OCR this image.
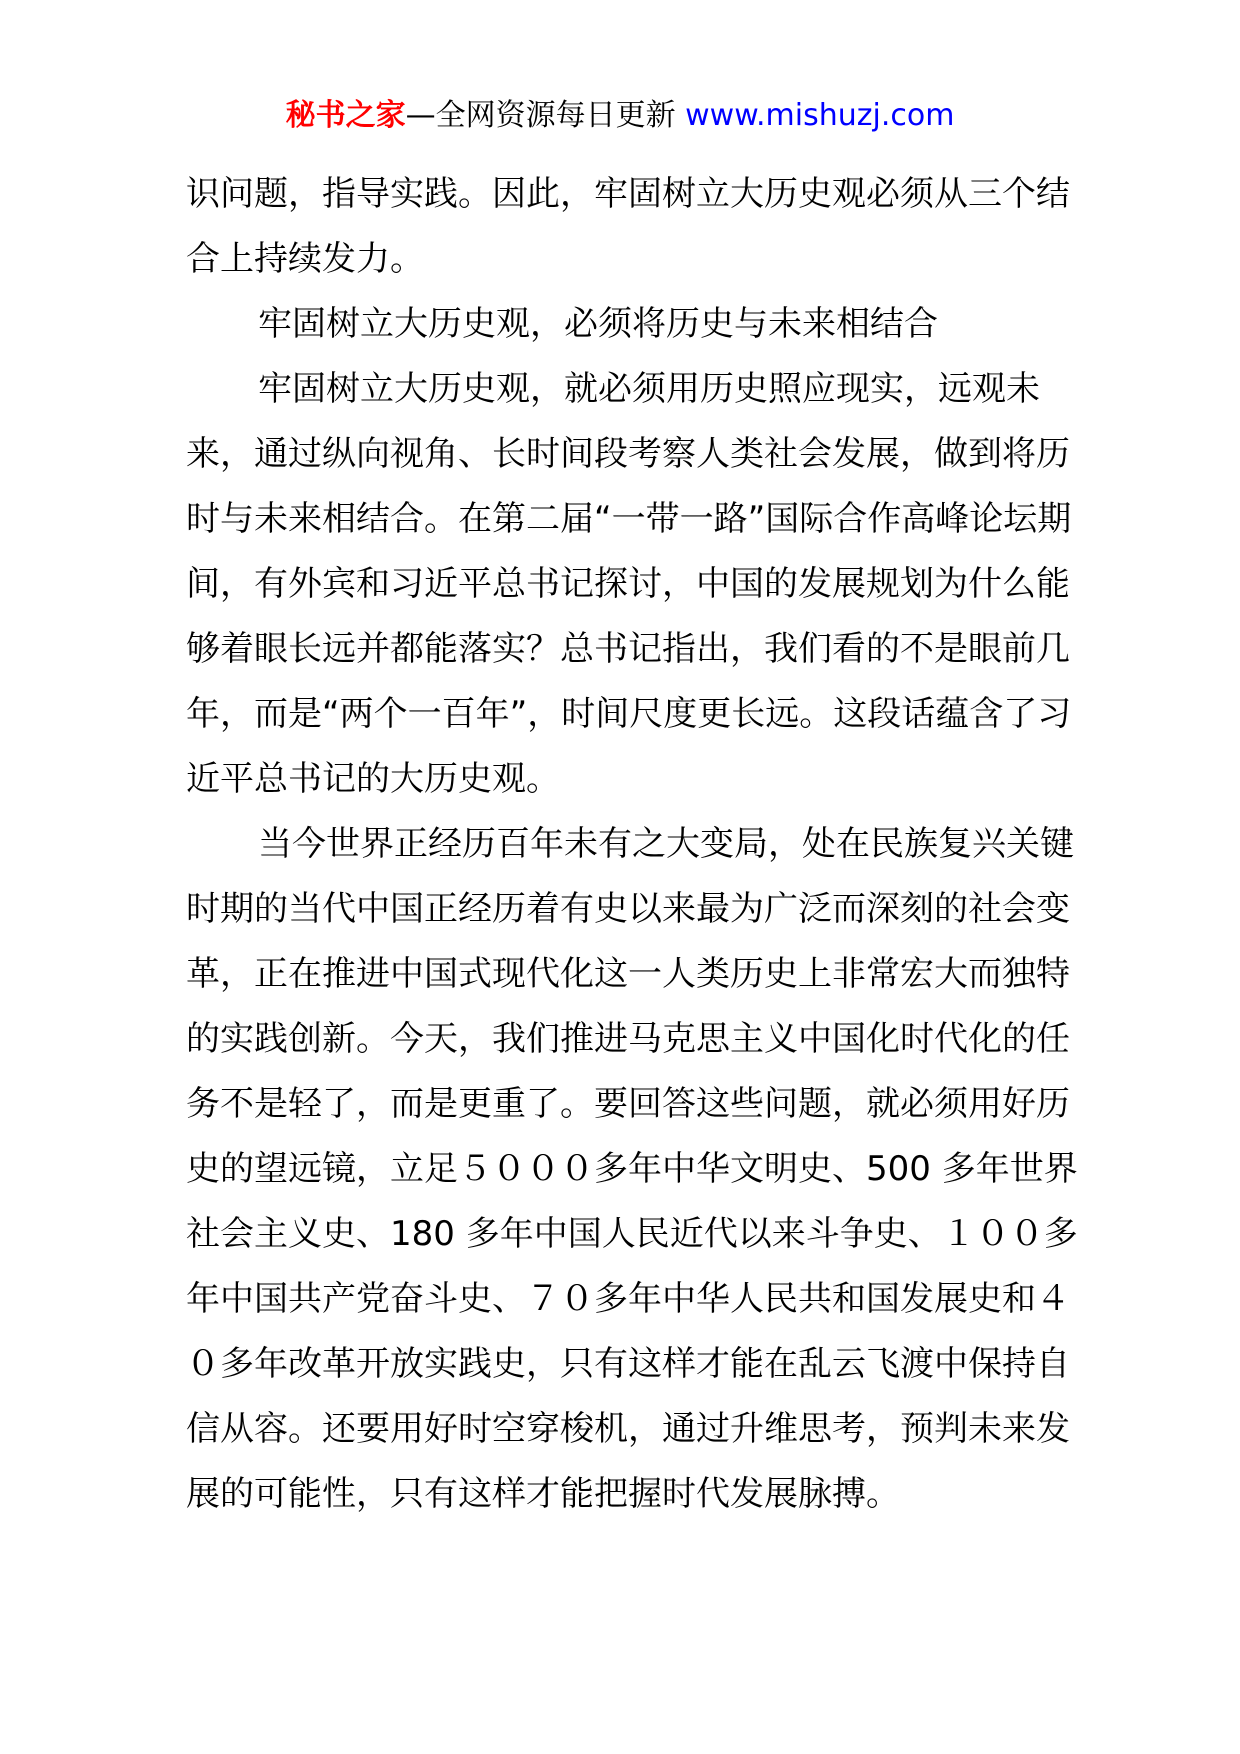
秘书之家—全网资源每日更新 www.mishuzj.com

识问题，指导实践。因此，牢固树立大历史观必须从三个结合上持续发力。

牢固树立大历史观，必须将历史与未来相结合

牢固树立大历史观，就必须用历史照应现实，远观未来，通过纵向视角、长时间段考察人类社会发展，做到将历时与未来相结合。在第二届“一带一路”国际合作高峰论坛期间，有外宾和习近平总书记探讨，中国的发展规划为什么能够着眼长远并都能落实？总书记指出，我们看的不是眼前几年，而是“两个一百年”，时间尺度更长远。这段话蕴含了习近平总书记的大历史观。

当今世界正经历百年未有之大变局，处在民族复兴关键时期的当代中国正经历着有史以来最为广泛而深刻的社会变革，正在推进中国式现代化这一人类历史上非常宏大而独特的实践创新。今天，我们推进马克思主义中国化时代化的任务不是轻了，而是更重了。要回答这些问题，就必须用好历史的望远镜，立足５０００多年中华文明史、500 多年世界社会主义史、180 多年中国人民近代以来斗争史、１００多年中国共产党奋斗史、７０多年中华人民共和国发展史和４０多年改革开放实践史，只有这样才能在乱云飞渡中保持自信从容。还要用好时空穿梭机，通过升维思考，预判未来发展的可能性，只有这样才能把握时代发展脉搏。
